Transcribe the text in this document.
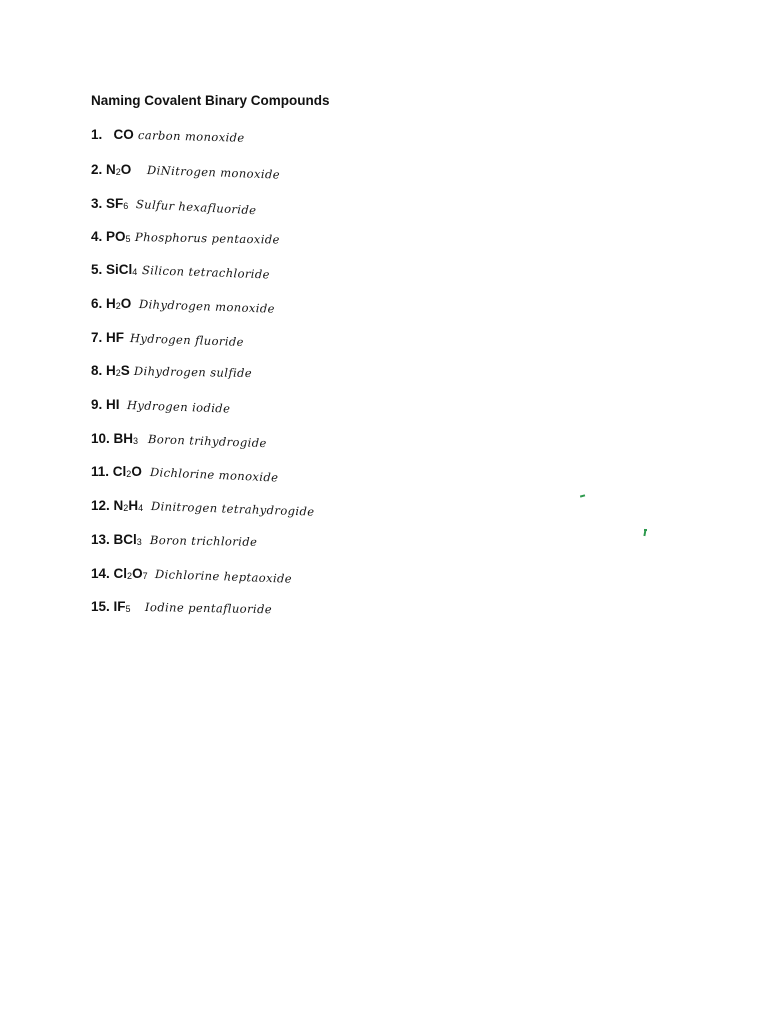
Naming Covalent Binary Compounds
1. CO carbon monoxide
2. $N_2O$ DiNitrogen monoxide
3. $SF_6$ Sulfur hexafluoride
4. $PO_5$ Phosphorus pentaoxide
5. SiCl$_4$ Silicon tetrachloride
6. $H_2O$ Dihydrogen monoxide
7. HF Hydrogen fluoride
8. $H_2S$ Dihydrogen sulfide
9. HI Hydrogen iodide
10. $BH_3$ Boron trihydrogide
11. $Cl_2O$ Dichlorine monoxide
12. $N_2H_4$ Dinitrogen tetrahydrogide
13. BCl$_3$ Boron trichloride
14. $Cl_2O_7$ Dichlorine heptaoxide
15. $IF_5$ Iodine pentafluoride
